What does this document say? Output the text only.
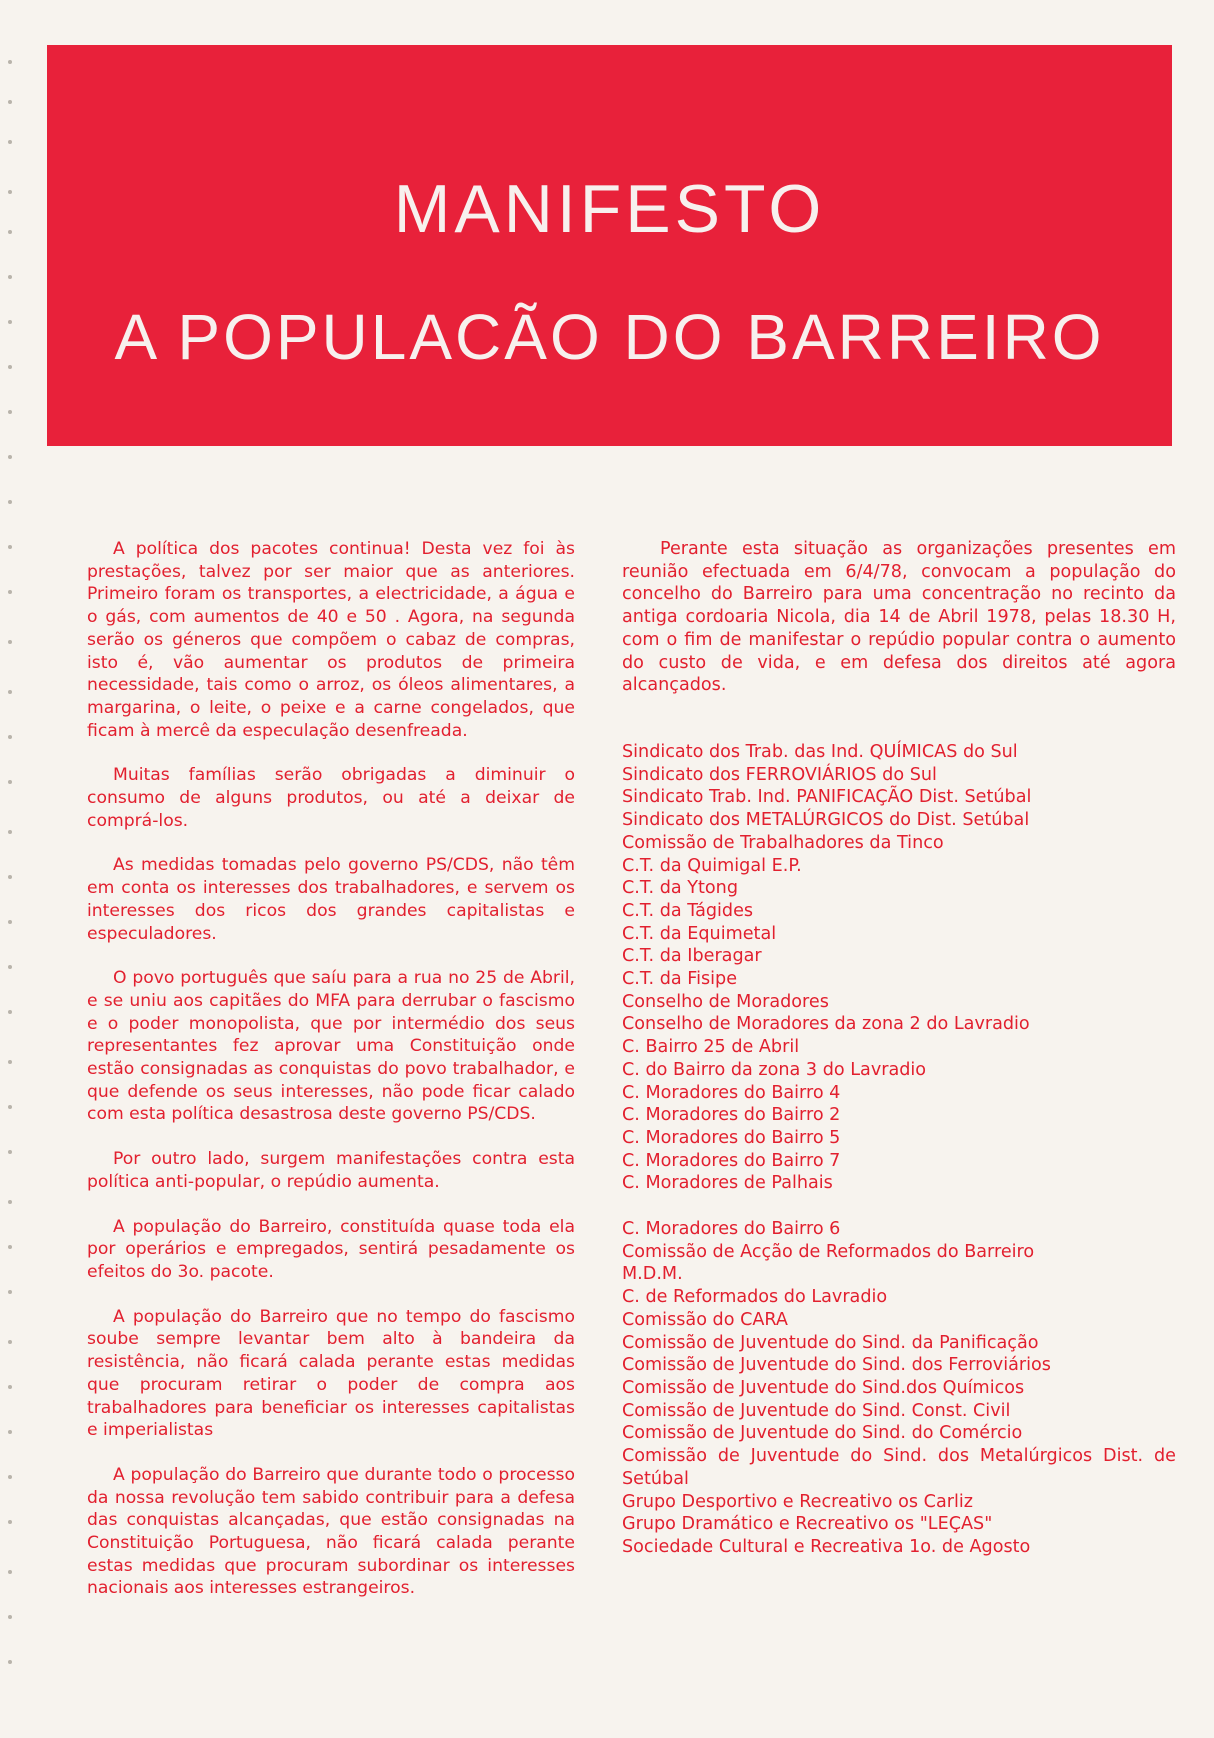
MANIFESTO
A POPULACÃO DO BARREIRO

A política dos pacotes continua! Desta vez foi às prestações, talvez por ser maior que as anteriores. Primeiro foram os transportes, a electricidade, a água e o gás, com aumentos de 40 e 50 . Agora, na segunda serão os géneros que compõem o cabaz de compras, isto é, vão aumentar os produtos de primeira necessidade, tais como o arroz, os óleos alimentares, a margarina, o leite, o peixe e a carne congelados, que ficam à mercê da especulação desenfreada.

Muitas famílias serão obrigadas a diminuir o consumo de alguns produtos, ou até a deixar de comprá-los.

As medidas tomadas pelo governo PS/CDS, não têm em conta os interesses dos trabalhadores, e servem os interesses dos ricos dos grandes capitalistas e especuladores.

O povo português que saíu para a rua no 25 de Abril, e se uniu aos capitães do MFA para derrubar o fascismo e o poder monopolista, que por intermédio dos seus representantes fez aprovar uma Constituição onde estão consignadas as conquistas do povo trabalhador, e que defende os seus interesses, não pode ficar calado com esta política desastrosa deste governo PS/CDS.

Por outro lado, surgem manifestações contra esta política anti-popular, o repúdio aumenta.

A população do Barreiro, constituída quase toda ela por operários e empregados, sentirá pesadamente os efeitos do 3o. pacote.

A população do Barreiro que no tempo do fascismo soube sempre levantar bem alto à bandeira da resistência, não ficará calada perante estas medidas que procuram retirar o poder de compra aos trabalhadores para beneficiar os interesses capitalistas e imperialistas

A população do Barreiro que durante todo o processo da nossa revolução tem sabido contribuir para a defesa das conquistas alcançadas, que estão consignadas na Constituição Portuguesa, não ficará calada perante estas medidas que procuram subordinar os interesses nacionais aos interesses estrangeiros.

Perante esta situação as organizações presentes em reunião efectuada em 6/4/78, convocam a população do concelho do Barreiro para uma concentração no recinto da antiga cordoaria Nicola, dia 14 de Abril 1978, pelas 18.30 H, com o fim de manifestar o repúdio popular contra o aumento do custo de vida, e em defesa dos direitos até agora alcançados.

Sindicato dos Trab. das Ind. QUÍMICAS do Sul
Sindicato dos FERROVIÁRIOS do Sul
Sindicato Trab. Ind. PANIFICAÇÃO Dist. Setúbal
Sindicato dos METALÚRGICOS do Dist. Setúbal
Comissão de Trabalhadores da Tinco
C.T. da Quimigal E.P.
C.T. da Ytong
C.T. da Tágides
C.T. da Equimetal
C.T. da Iberagar
C.T. da Fisipe
Conselho de Moradores
Conselho de Moradores da zona 2 do Lavradio
C. Bairro 25 de Abril
C. do Bairro da zona 3 do Lavradio
C. Moradores do Bairro 4
C. Moradores do Bairro 2
C. Moradores do Bairro 5
C. Moradores do Bairro 7
C. Moradores de Palhais
C. Moradores do Bairro 6
Comissão de Acção de Reformados do Barreiro
M.D.M.
C. de Reformados do Lavradio
Comissão do CARA
Comissão de Juventude do Sind. da Panificação
Comissão de Juventude do Sind. dos Ferroviários
Comissão de Juventude do Sind.dos Químicos
Comissão de Juventude do Sind. Const. Civil
Comissão de Juventude do Sind. do Comércio
Comissão de Juventude do Sind. dos Metalúrgicos Dist. de Setúbal
Grupo Desportivo e Recreativo os Carliz
Grupo Dramático e Recreativo os "LEÇAS"
Sociedade Cultural e Recreativa 1o. de Agosto
